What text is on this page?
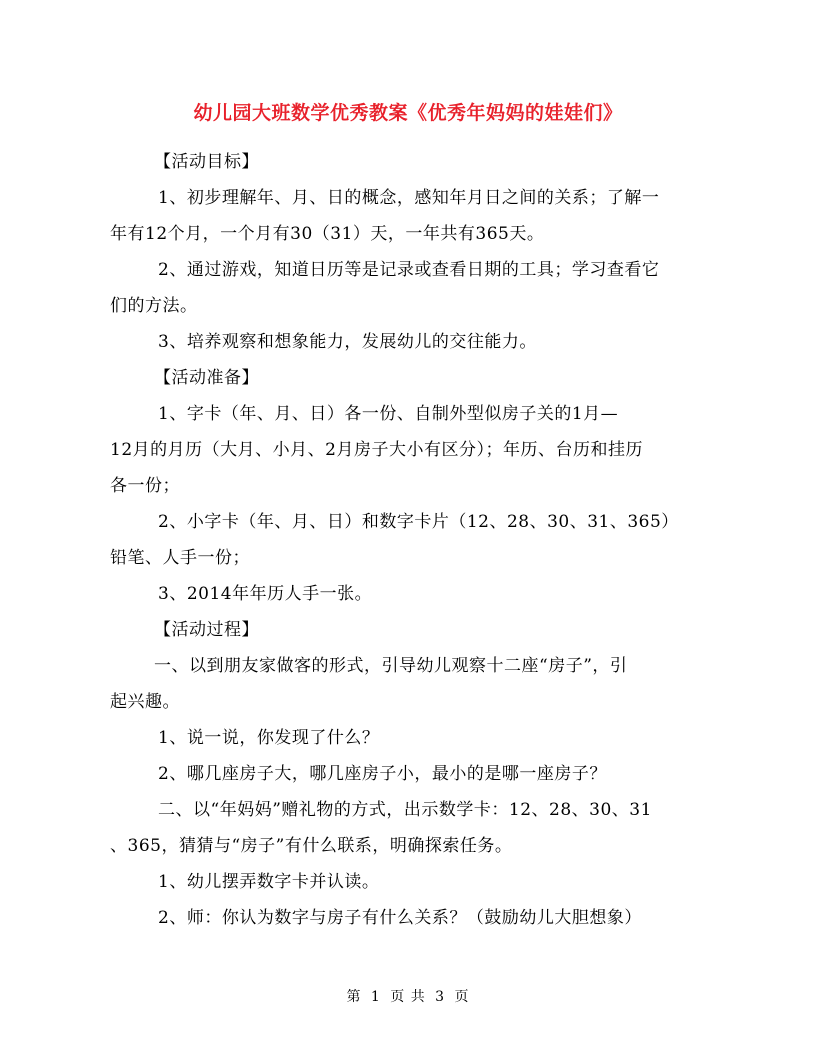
幼儿园大班数学优秀教案《优秀年妈妈的娃娃们》

【活动目标】

1、初步理解年、月、日的概念，感知年月日之间的关系；了解一

年有12个月，一个月有30（31）天，一年共有365天。

2、通过游戏，知道日历等是记录或查看日期的工具；学习查看它

们的方法。

3、培养观察和想象能力，发展幼儿的交往能力。

【活动准备】

1、字卡（年、月、日）各一份、自制外型似房子关的1月—

12月的月历（大月、小月、2月房子大小有区分）；年历、台历和挂历

各一份；

2、小字卡（年、月、日）和数字卡片（12、28、30、31、365）

铅笔、人手一份；

3、2014年年历人手一张。

【活动过程】

一、以到朋友家做客的形式，引导幼儿观察十二座“房子”，引

起兴趣。

1、说一说，你发现了什么？

2、哪几座房子大，哪几座房子小，最小的是哪一座房子？

二、以“年妈妈”赠礼物的方式，出示数学卡：12、28、30、31

、365，猜猜与“房子”有什么联系，明确探索任务。

1、幼儿摆弄数字卡并认读。

2、师：你认为数字与房子有什么关系？（鼓励幼儿大胆想象）

第 1 页 共 3 页
